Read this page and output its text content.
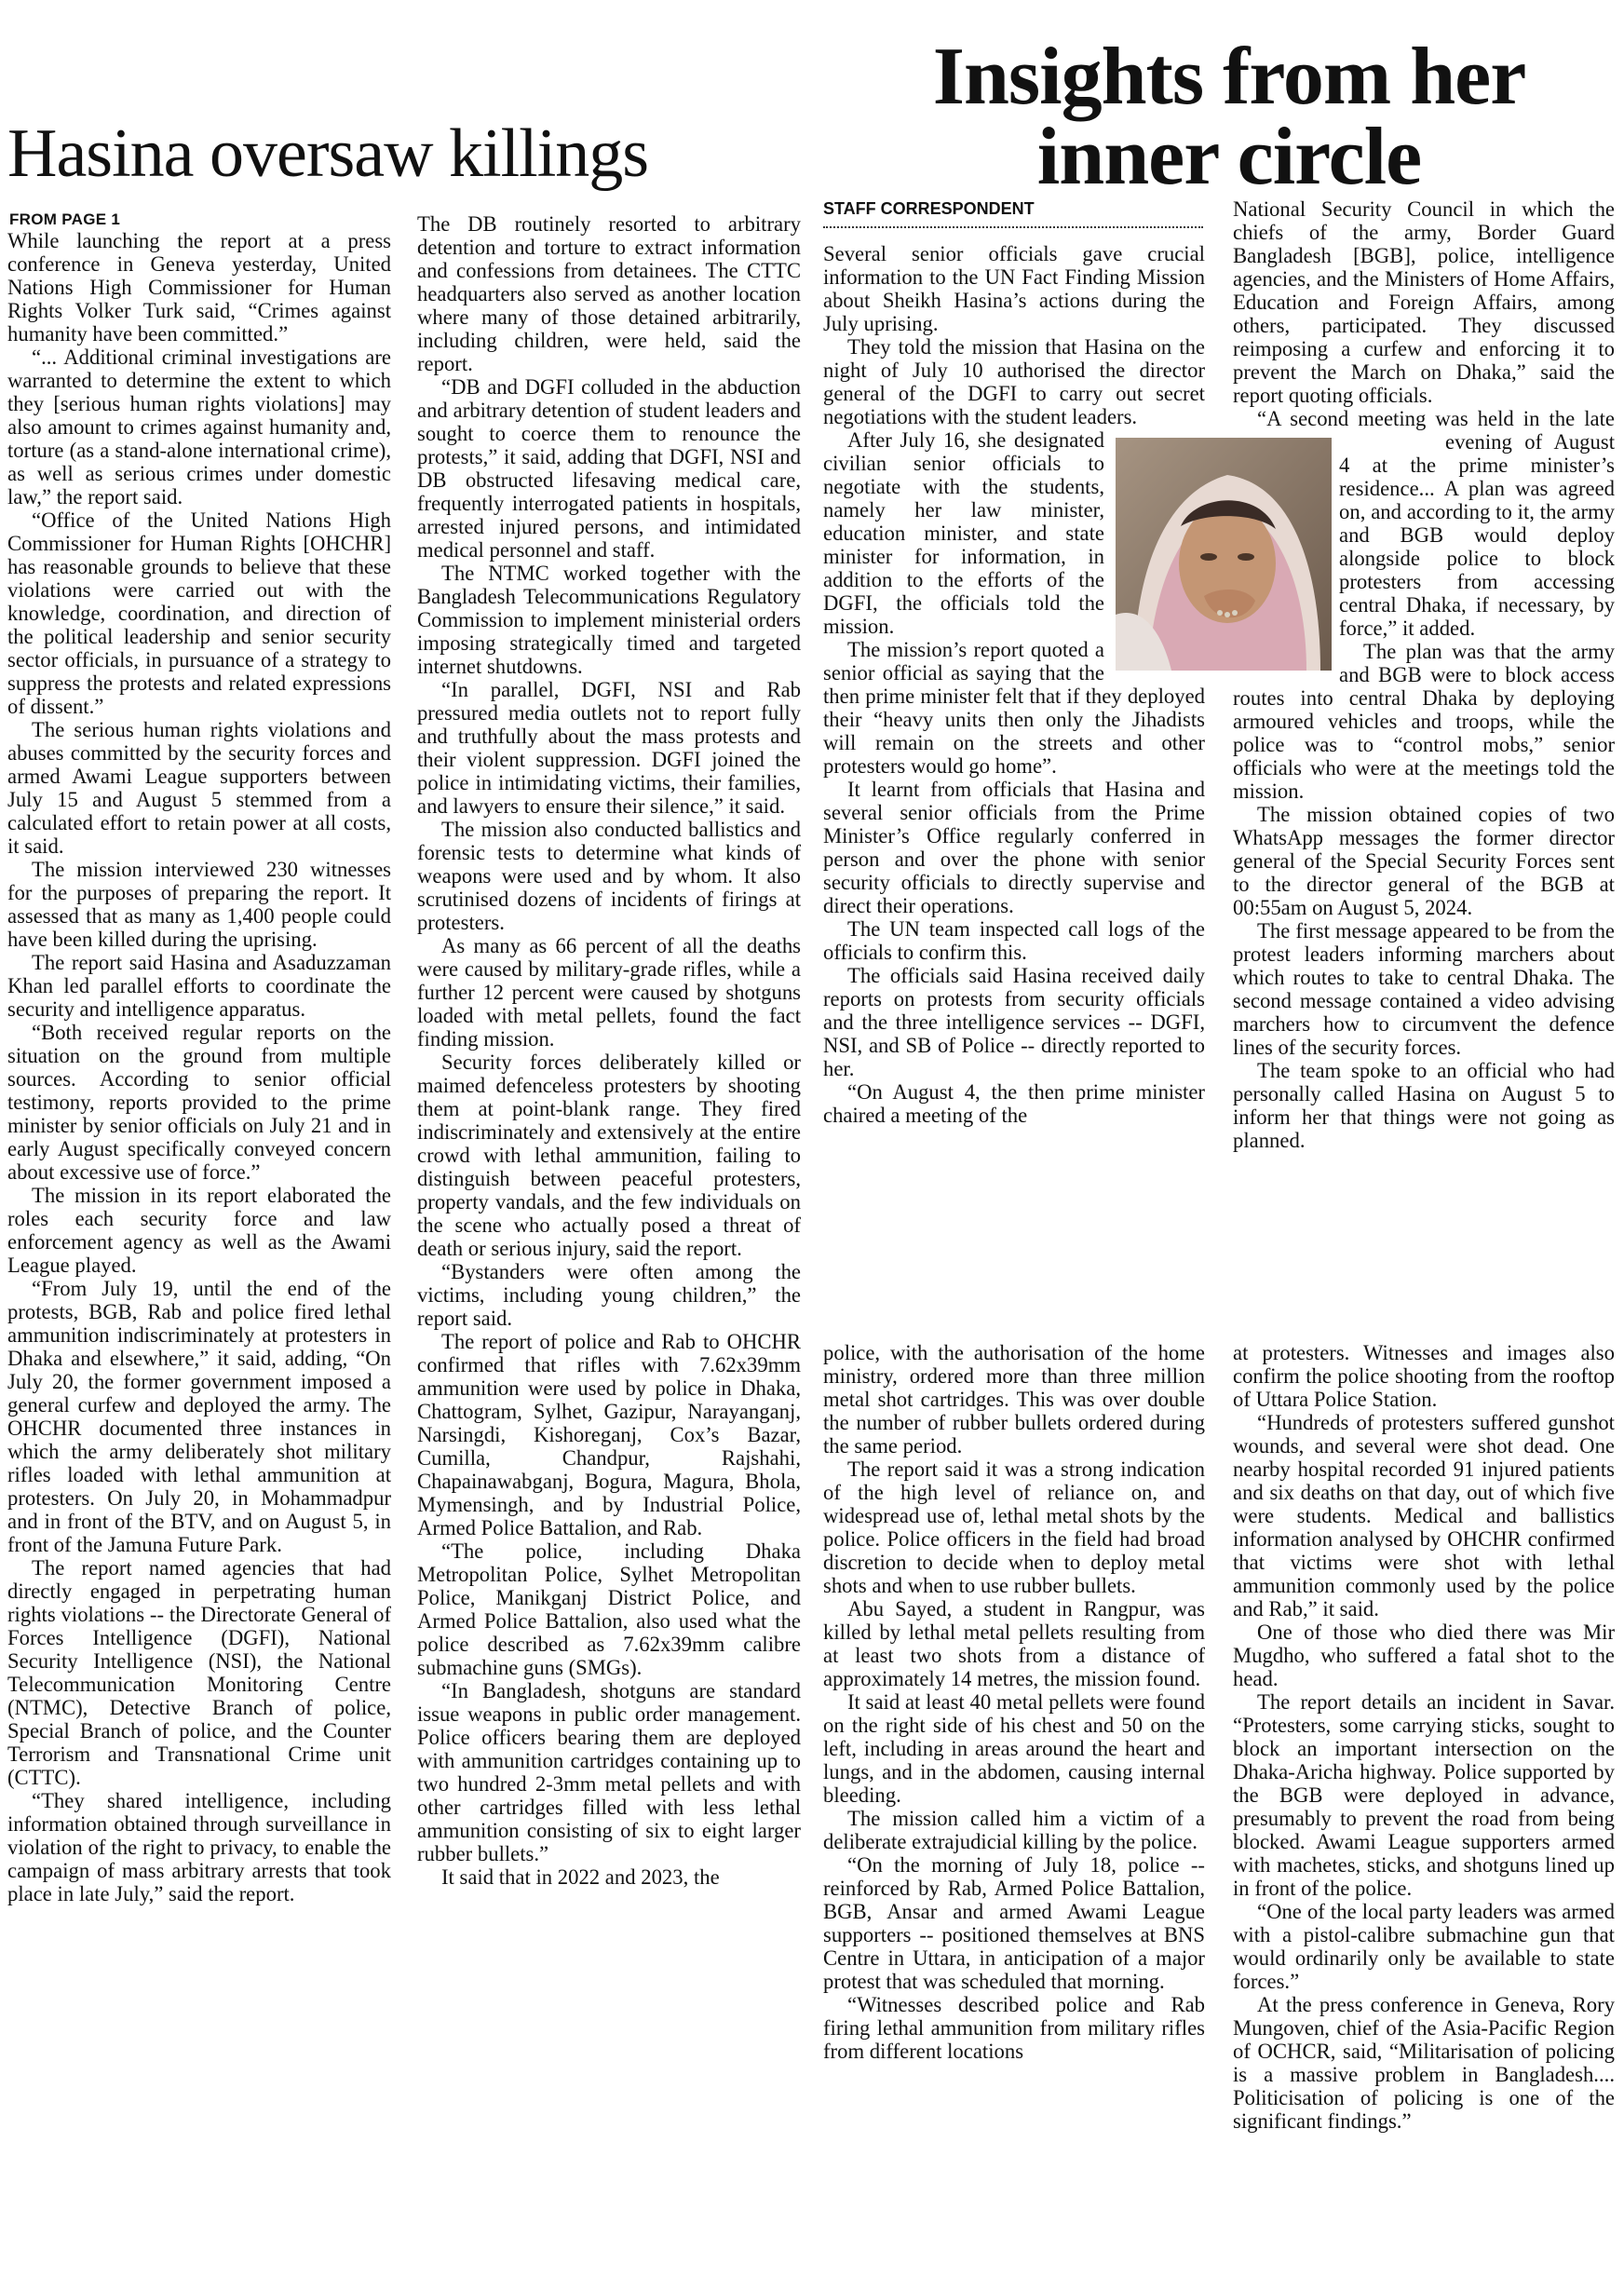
Hasina oversaw killings
Insights from her inner circle
FROM PAGE 1

While launching the report at a press conference in Geneva yesterday, United Nations High Commissioner for Human Rights Volker Turk said, “Crimes against humanity have been committed.”

“... Additional criminal investigations are warranted to determine the extent to which they [serious human rights violations] may also amount to crimes against humanity and, torture (as a stand-alone international crime), as well as serious crimes under domestic law,” the report said.

“Office of the United Nations High Commissioner for Human Rights [OHCHR] has reasonable grounds to believe that these violations were carried out with the knowledge, coordination, and direction of the political leadership and senior security sector officials, in pursuance of a strategy to suppress the protests and related expressions of dissent.”

The serious human rights violations and abuses committed by the security forces and armed Awami League supporters between July 15 and August 5 stemmed from a calculated effort to retain power at all costs, it said.

The mission interviewed 230 witnesses for the purposes of preparing the report. It assessed that as many as 1,400 people could have been killed during the uprising.

The report said Hasina and Asaduzzaman Khan led parallel efforts to coordinate the security and intelligence apparatus.

“Both received regular reports on the situation on the ground from multiple sources. According to senior official testimony, reports provided to the prime minister by senior officials on July 21 and in early August specifically conveyed concern about excessive use of force.”

The mission in its report elaborated the roles each security force and law enforcement agency as well as the Awami League played.

“From July 19, until the end of the protests, BGB, Rab and police fired lethal ammunition indiscriminately at protesters in Dhaka and elsewhere,” it said, adding, “On July 20, the former government imposed a general curfew and deployed the army. The OHCHR documented three instances in which the army deliberately shot military rifles loaded with lethal ammunition at protesters. On July 20, in Mohammadpur and in front of the BTV, and on August 5, in front of the Jamuna Future Park.

The report named agencies that had directly engaged in perpetrating human rights violations -- the Directorate General of Forces Intelligence (DGFI), National Security Intelligence (NSI), the National Telecommunication Monitoring Centre (NTMC), Detective Branch of police, Special Branch of police, and the Counter Terrorism and Transnational Crime unit (CTTC).

“They shared intelligence, including information obtained through surveillance in violation of the right to privacy, to enable the campaign of mass arbitrary arrests that took place in late July,” said the report.

The DB routinely resorted to arbitrary detention and torture to extract information and confessions from detainees. The CTTC headquarters also served as another location where many of those detained arbitrarily, including children, were held, said the report.

“DB and DGFI colluded in the abduction and arbitrary detention of student leaders and sought to coerce them to renounce the protests,” it said, adding that DGFI, NSI and DB obstructed lifesaving medical care, frequently interrogated patients in hospitals, arrested injured persons, and intimidated medical personnel and staff.

The NTMC worked together with the Bangladesh Telecommunications Regulatory Commission to implement ministerial orders imposing strategically timed and targeted internet shutdowns.

“In parallel, DGFI, NSI and Rab pressured media outlets not to report fully and truthfully about the mass protests and their violent suppression. DGFI joined the police in intimidating victims, their families, and lawyers to ensure their silence,” it said.

The mission also conducted ballistics and forensic tests to determine what kinds of weapons were used and by whom. It also scrutinised dozens of incidents of firings at protesters.

As many as 66 percent of all the deaths were caused by military-grade rifles, while a further 12 percent were caused by shotguns loaded with metal pellets, found the fact finding mission.

Security forces deliberately killed or maimed defenceless protesters by shooting them at point-blank range. They fired indiscriminately and extensively at the entire crowd with lethal ammunition, failing to distinguish between peaceful protesters, property vandals, and the few individuals on the scene who actually posed a threat of death or serious injury, said the report.

“Bystanders were often among the victims, including young children,” the report said.

The report of police and Rab to OHCHR confirmed that rifles with 7.62x39mm ammunition were used by police in Dhaka, Chattogram, Sylhet, Gazipur, Narayanganj, Narsingdi, Kishoreganj, Cox’s Bazar, Cumilla, Chandpur, Rajshahi, Chapainawabganj, Bogura, Magura, Bhola, Mymensingh, and by Industrial Police, Armed Police Battalion, and Rab.

“The police, including Dhaka Metropolitan Police, Sylhet Metropolitan Police, Manikganj District Police, and Armed Police Battalion, also used what the police described as 7.62x39mm calibre submachine guns (SMGs).

“In Bangladesh, shotguns are standard issue weapons in public order management. Police officers bearing them are deployed with ammunition cartridges containing up to two hundred 2-3mm metal pellets and with other cartridges filled with less lethal ammunition consisting of six to eight larger rubber bullets.”

It said that in 2022 and 2023, the

STAFF CORRESPONDENT

Several senior officials gave crucial information to the UN Fact Finding Mission about Sheikh Hasina’s actions during the July uprising.

They told the mission that Hasina on the night of July 10 authorised the director general of the DGFI to carry out secret negotiations with the student leaders.

After July 16, she designated civilian senior officials to negotiate with the students, namely her law minister, education minister, and state minister for information, in addition to the efforts of the DGFI, the officials told the mission.

The mission’s report quoted a senior official as saying that the then prime minister felt that if they deployed their “heavy units then only the Jihadists will remain on the streets and other protesters would go home”.

It learnt from officials that Hasina and several senior officials from the Prime Minister’s Office regularly conferred in person and over the phone with senior security officials to directly supervise and direct their operations.

The UN team inspected call logs of the officials to confirm this.

The officials said Hasina received daily reports on protests from security officials and the three intelligence services -- DGFI, NSI, and SB of Police -- directly reported to her.

“On August 4, the then prime minister chaired a meeting of the

National Security Council in which the chiefs of the army, Border Guard Bangladesh [BGB], police, intelligence agencies, and the Ministers of Home Affairs, Education and Foreign Affairs, among others, participated. They discussed reimposing a curfew and enforcing it to prevent the March on Dhaka,” said the report quoting officials.

“A second meeting was held in the late evening of August 4 at the prime minister’s residence... A plan was agreed on, and according to it, the army and BGB would deploy alongside police to block protesters from accessing central Dhaka, if necessary, by force,” it added.

The plan was that the army and BGB were to block access routes into central Dhaka by deploying armoured vehicles and troops, while the police was to “control mobs,” senior officials who were at the meetings told the mission.

The mission obtained copies of two WhatsApp messages the former director general of the Special Security Forces sent to the director general of the BGB at 00:55am on August 5, 2024.

The first message appeared to be from the protest leaders informing marchers about which routes to take to central Dhaka. The second message contained a video advising marchers how to circumvent the defence lines of the security forces.

The team spoke to an official who had personally called Hasina on August 5 to inform her that things were not going as planned.

police, with the authorisation of the home ministry, ordered more than three million metal shot cartridges. This was over double the number of rubber bullets ordered during the same period.

The report said it was a strong indication of the high level of reliance on, and widespread use of, lethal metal shots by the police. Police officers in the field had broad discretion to decide when to deploy metal shots and when to use rubber bullets.

Abu Sayed, a student in Rangpur, was killed by lethal metal pellets resulting from at least two shots from a distance of approximately 14 metres, the mission found.

It said at least 40 metal pellets were found on the right side of his chest and 50 on the left, including in areas around the heart and lungs, and in the abdomen, causing internal bleeding.

The mission called him a victim of a deliberate extrajudicial killing by the police.

“On the morning of July 18, police -- reinforced by Rab, Armed Police Battalion, BGB, Ansar and armed Awami League supporters -- positioned themselves at BNS Centre in Uttara, in anticipation of a major protest that was scheduled that morning.

“Witnesses described police and Rab firing lethal ammunition from military rifles from different locations

at protesters. Witnesses and images also confirm the police shooting from the rooftop of Uttara Police Station.

“Hundreds of protesters suffered gunshot wounds, and several were shot dead. One nearby hospital recorded 91 injured patients and six deaths on that day, out of which five were students. Medical and ballistics information analysed by OHCHR confirmed that victims were shot with lethal ammunition commonly used by the police and Rab,” it said.

One of those who died there was Mir Mugdho, who suffered a fatal shot to the head.

The report details an incident in Savar. “Protesters, some carrying sticks, sought to block an important intersection on the Dhaka-Aricha highway. Police supported by the BGB were deployed in advance, presumably to prevent the road from being blocked. Awami League supporters armed with machetes, sticks, and shotguns lined up in front of the police.

“One of the local party leaders was armed with a pistol-calibre submachine gun that would ordinarily only be available to state forces.”

At the press conference in Geneva, Rory Mungoven, chief of the Asia-Pacific Region of OCHCR, said, “Militarisation of policing is a massive problem in Bangladesh.... Politicisation of policing is one of the significant findings.”
